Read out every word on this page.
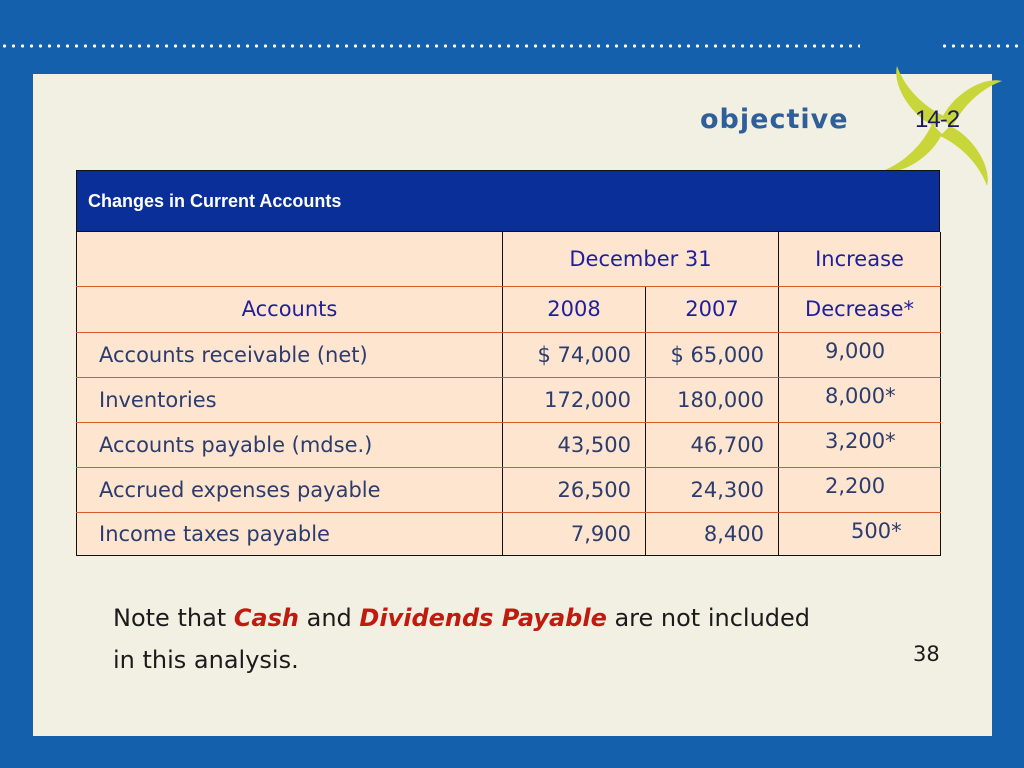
objective	14-2
Changes in Current Accounts
	December 31		Increase
Accounts	2008	2007	Decrease*
Accounts receivable (net)	$ 74,000	$ 65,000	9,000
Inventories	172,000	180,000	8,000*
Accounts payable (mdse.)	43,500	46,700	3,200*
Accrued expenses payable	26,500	24,300	2,200
Income taxes payable	7,900	8,400	500*
Note that Cash and Dividends Payable are not included in this analysis.	38
